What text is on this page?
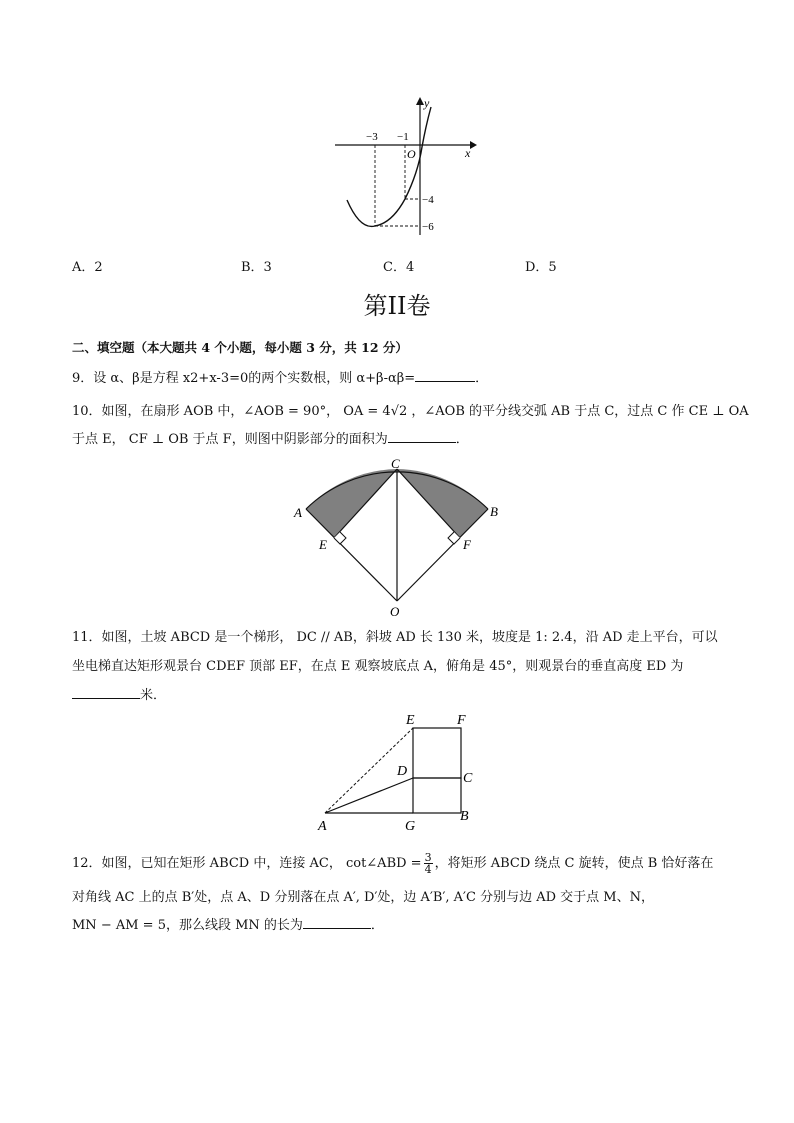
y
x
O
−3 −1
−4
−6
A．2	B．3	C．4	D．5
第II卷
二、填空题（本大题共 4 个小题，每小题 3 分，共 12 分）
9．设 α、β是方程 x2+x-3=0的两个实数根，则 α+β-αβ=	．
10．如图，在扇形 AOB 中，∠AOB = 90°， OA = 4√2 ，∠AOB 的平分线交弧 AB 于点 C，过点 C 作 CE ⊥ OA
于点 E， CF ⊥ OB 于点 F，则图中阴影部分的面积为	．
C
A	B
E	F
O
11．如图，土坡 ABCD 是一个梯形， DC // AB，斜坡 AD 长 130 米，坡度是 1: 2.4，沿 AD 走上平台，可以
坐电梯直达矩形观景台 CDEF 顶部 EF，在点 E 观察坡底点 A，俯角是 45°，则观景台的垂直高度 ED 为
米．
E	F
D	C
A	G
B
12．如图，已知在矩形 ABCD 中，连接 AC， cot∠ABD = $\frac{3}{4}$ ，将矩形 ABCD 绕点 C 旋转，使点 B 恰好落在
对角线 AC 上的点 B′处，点 A、D 分别落在点 A′, D′处，边 A′B′, A′C 分别与边 AD 交于点 M、N，
MN − AM = 5，那么线段 MN 的长为	．
